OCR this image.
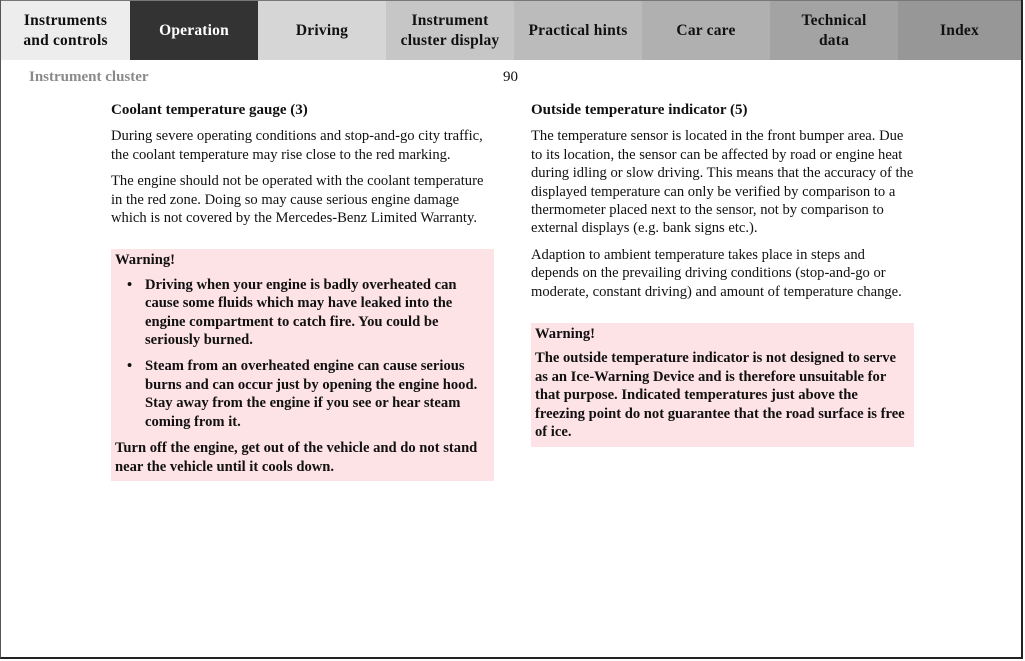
Instruments
and controls
Operation	Driving
Instrument
cluster display
Practical hints	Car care
Technical
data
Index
Instrument cluster	90
Coolant temperature gauge (3)

During severe operating conditions and stop-and-go city traffic, the coolant temperature may rise close to the red marking.

The engine should not be operated with the coolant temperature in the red zone. Doing so may cause serious engine damage which is not covered by the Mercedes-Benz Limited Warranty.

Warning!
• Driving when your engine is badly overheated can cause some fluids which may have leaked into the engine compartment to catch fire. You could be seriously burned.
• Steam from an overheated engine can cause serious burns and can occur just by opening the engine hood. Stay away from the engine if you see or hear steam coming from it.

Turn off the engine, get out of the vehicle and do not stand near the vehicle until it cools down.

Outside temperature indicator (5)

The temperature sensor is located in the front bumper area. Due to its location, the sensor can be affected by road or engine heat during idling or slow driving. This means that the accuracy of the displayed temperature can only be verified by comparison to a thermometer placed next to the sensor, not by comparison to external displays (e.g. bank signs etc.).

Adaption to ambient temperature takes place in steps and depends on the prevailing driving conditions (stop-and-go or moderate, constant driving) and amount of temperature change.

Warning!

The outside temperature indicator is not designed to serve as an Ice-Warning Device and is therefore unsuitable for that purpose. Indicated temperatures just above the freezing point do not guarantee that the road surface is free of ice.
